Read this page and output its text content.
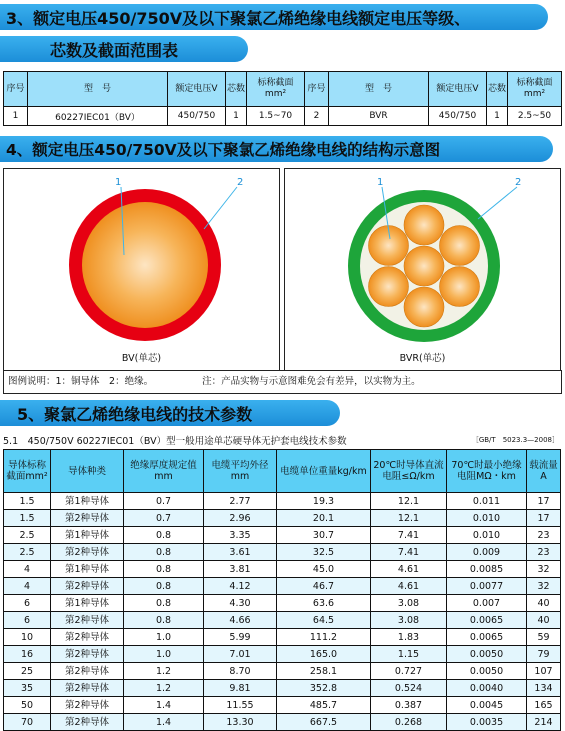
3、额定电压450/750V及以下聚氯乙烯绝缘电线额定电压等级、
芯数及截面范围表
序号	型　号	额定电压V	芯数	标称截面mm²	序号	型　号	额定电压V	芯数	标称截面mm²
1	60227IEC01（BV）	450/750	1	1.5~70	2	BVR	450/750	1	2.5~50
4、额定电压450/750V及以下聚氯乙烯绝缘电线的结构示意图
1	2
BV(单芯)
1	2
BVR(单芯)
图例说明：1：铜导体　2：绝缘。	注：产品实物与示意图难免会有差异，以实物为主。
5、聚氯乙烯绝缘电线的技术参数
5.1　450/750V 60227IEC01（BV）型一般用途单芯硬导体无护套电线技术参数	［GB/T　5023.3—2008］
导体标称截面mm²	导体种类	绝缘厚度规定值 mm	电缆平均外径 mm	电缆单位重量kg/km	20℃时导体直流电阻≤Ω/km	70℃时最小绝缘电阻MΩ・km	载流量 A
1.5	第1种导体	0.7	2.77	19.3	12.1	0.011	17
1.5	第2种导体	0.7	2.96	20.1	12.1	0.010	17
2.5	第1种导体	0.8	3.35	30.7	7.41	0.010	23
2.5	第2种导体	0.8	3.61	32.5	7.41	0.009	23
4	第1种导体	0.8	3.81	45.0	4.61	0.0085	32
4	第2种导体	0.8	4.12	46.7	4.61	0.0077	32
6	第1种导体	0.8	4.30	63.6	3.08	0.007	40
6	第2种导体	0.8	4.66	64.5	3.08	0.0065	40
10	第2种导体	1.0	5.99	111.2	1.83	0.0065	59
16	第2种导体	1.0	7.01	165.0	1.15	0.0050	79
25	第2种导体	1.2	8.70	258.1	0.727	0.0050	107
35	第2种导体	1.2	9.81	352.8	0.524	0.0040	134
50	第2种导体	1.4	11.55	485.7	0.387	0.0045	165
70	第2种导体	1.4	13.30	667.5	0.268	0.0035	214
